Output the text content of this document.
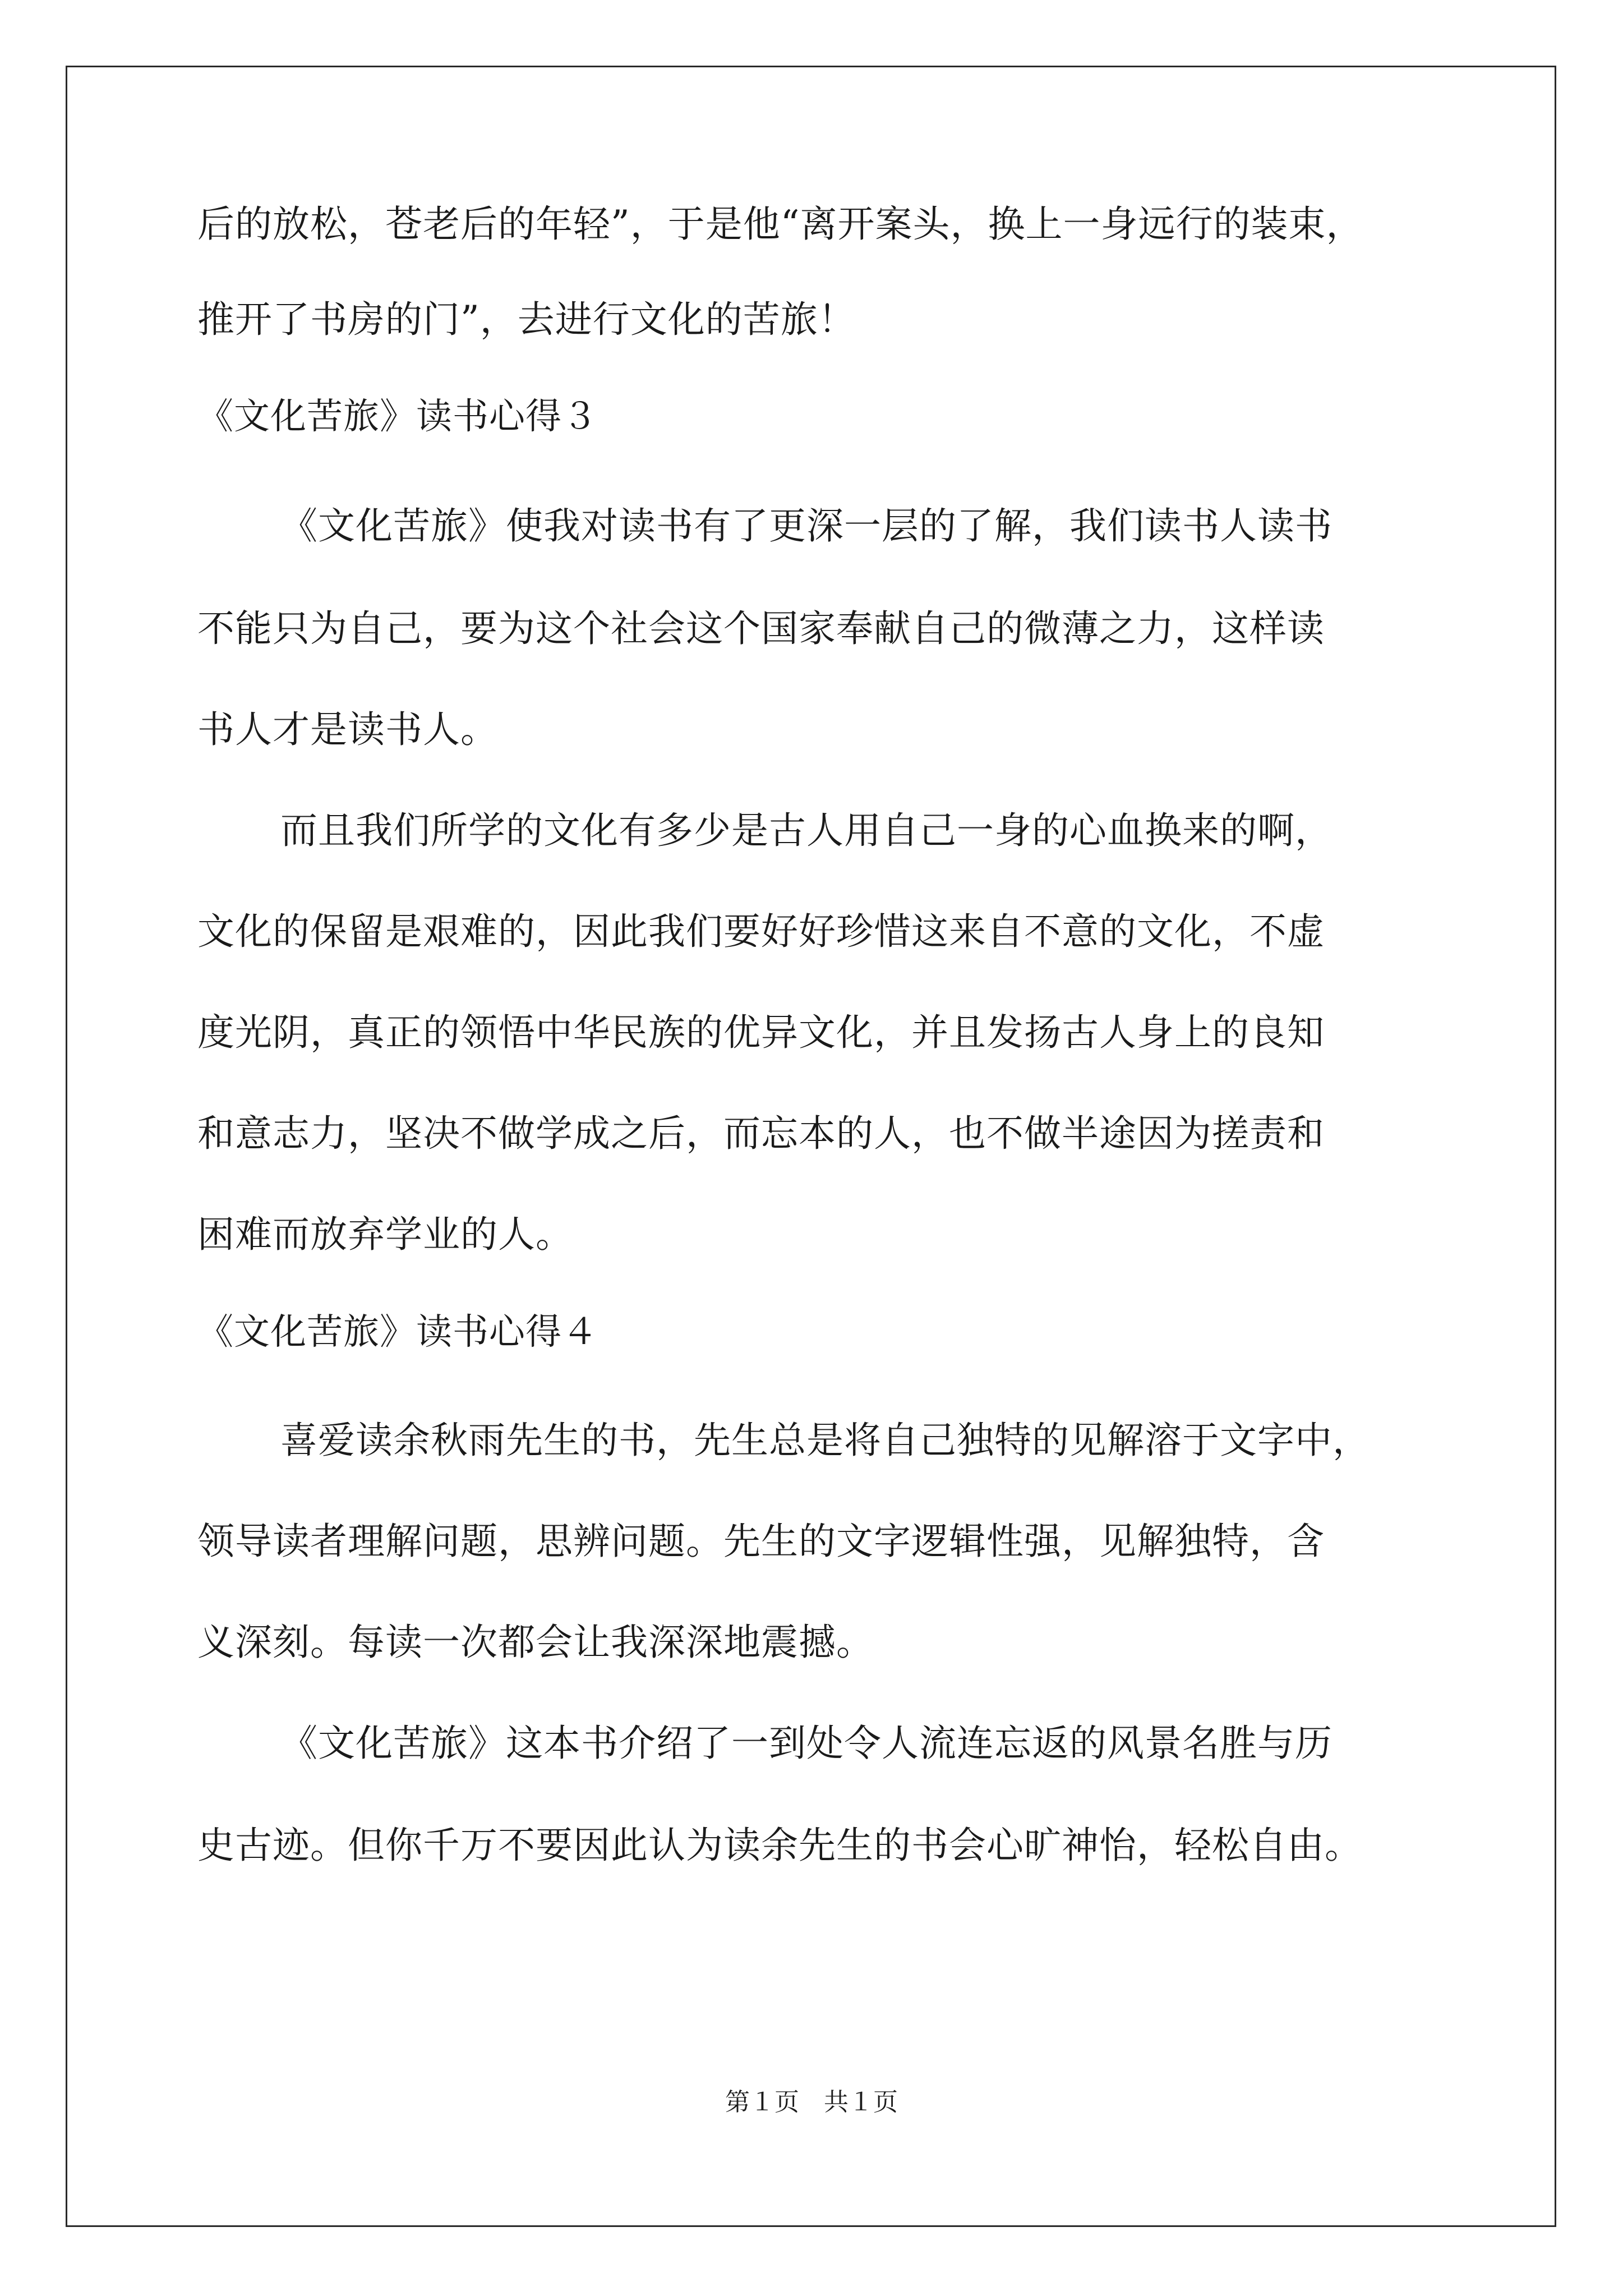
后的放松，苍老后的年轻”，于是他“离开案头，换上一身远行的装束，
推开了书房的门”，去进行文化的苦旅！
《文化苦旅》读书心得３
《文化苦旅》使我对读书有了更深一层的了解，我们读书人读书
不能只为自己，要为这个社会这个国家奉献自己的微薄之力，这样读
书人才是读书人。
而且我们所学的文化有多少是古人用自己一身的心血换来的啊，
文化的保留是艰难的，因此我们要好好珍惜这来自不意的文化，不虚
度光阴，真正的领悟中华民族的优异文化，并且发扬古人身上的良知
和意志力，坚决不做学成之后，而忘本的人，也不做半途因为搓责和
困难而放弃学业的人。
《文化苦旅》读书心得４
喜爱读余秋雨先生的书，先生总是将自己独特的见解溶于文字中，
领导读者理解问题，思辨问题。先生的文字逻辑性强，见解独特，含
义深刻。每读一次都会让我深深地震撼。
《文化苦旅》这本书介绍了一到处令人流连忘返的风景名胜与历
史古迹。但你千万不要因此认为读余先生的书会心旷神怡，轻松自由。
第１页　共１页
